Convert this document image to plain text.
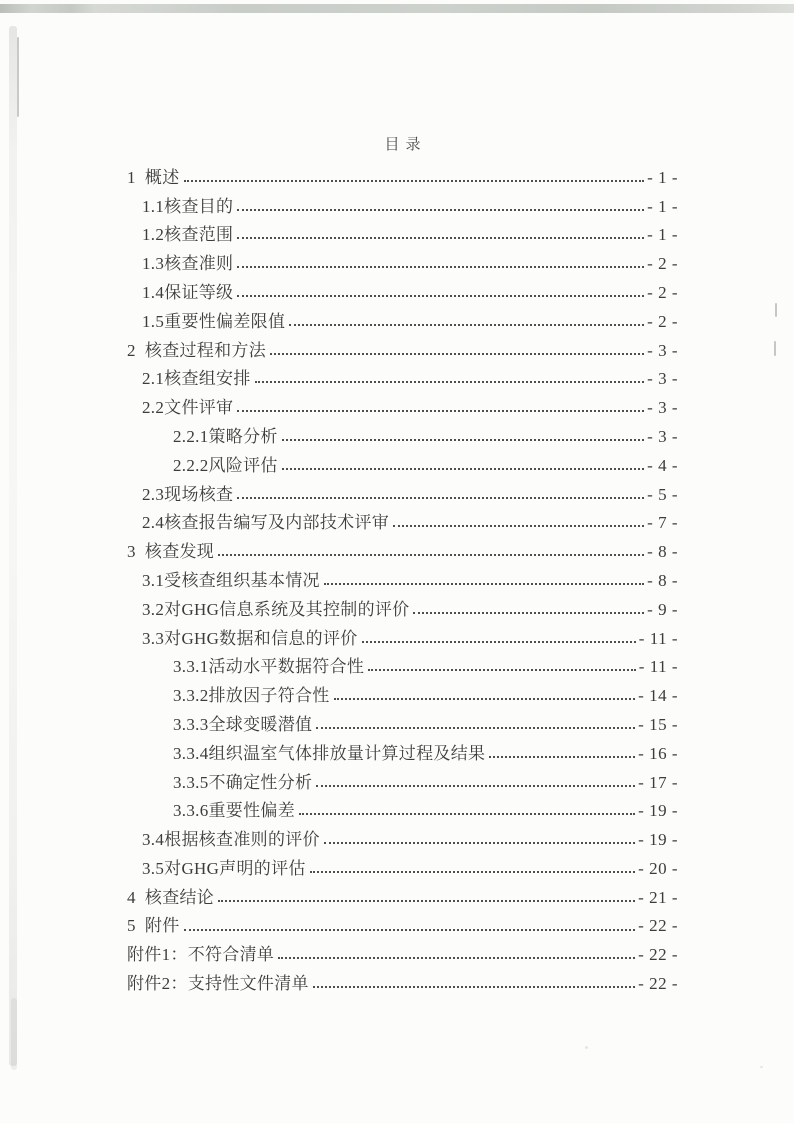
目录
1  概述	- 1 -
1.1核查目的	- 1 -
1.2核查范围	- 1 -
1.3核查准则	- 2 -
1.4保证等级	- 2 -
1.5重要性偏差限值	- 2 -
2  核查过程和方法	- 3 -
2.1核查组安排	- 3 -
2.2文件评审	- 3 -
2.2.1策略分析	- 3 -
2.2.2风险评估	- 4 -
2.3现场核查	- 5 -
2.4核查报告编写及内部技术评审	- 7 -
3  核查发现	- 8 -
3.1受核查组织基本情况	- 8 -
3.2对GHG信息系统及其控制的评价	- 9 -
3.3对GHG数据和信息的评价	- 11 -
3.3.1活动水平数据符合性	- 11 -
3.3.2排放因子符合性	- 14 -
3.3.3全球变暖潜值	- 15 -
3.3.4组织温室气体排放量计算过程及结果	- 16 -
3.3.5不确定性分析	- 17 -
3.3.6重要性偏差	- 19 -
3.4根据核查准则的评价	- 19 -
3.5对GHG声明的评估	- 20 -
4  核查结论	- 21 -
5  附件	- 22 -
附件1：不符合清单	- 22 -
附件2：支持性文件清单	- 22 -
